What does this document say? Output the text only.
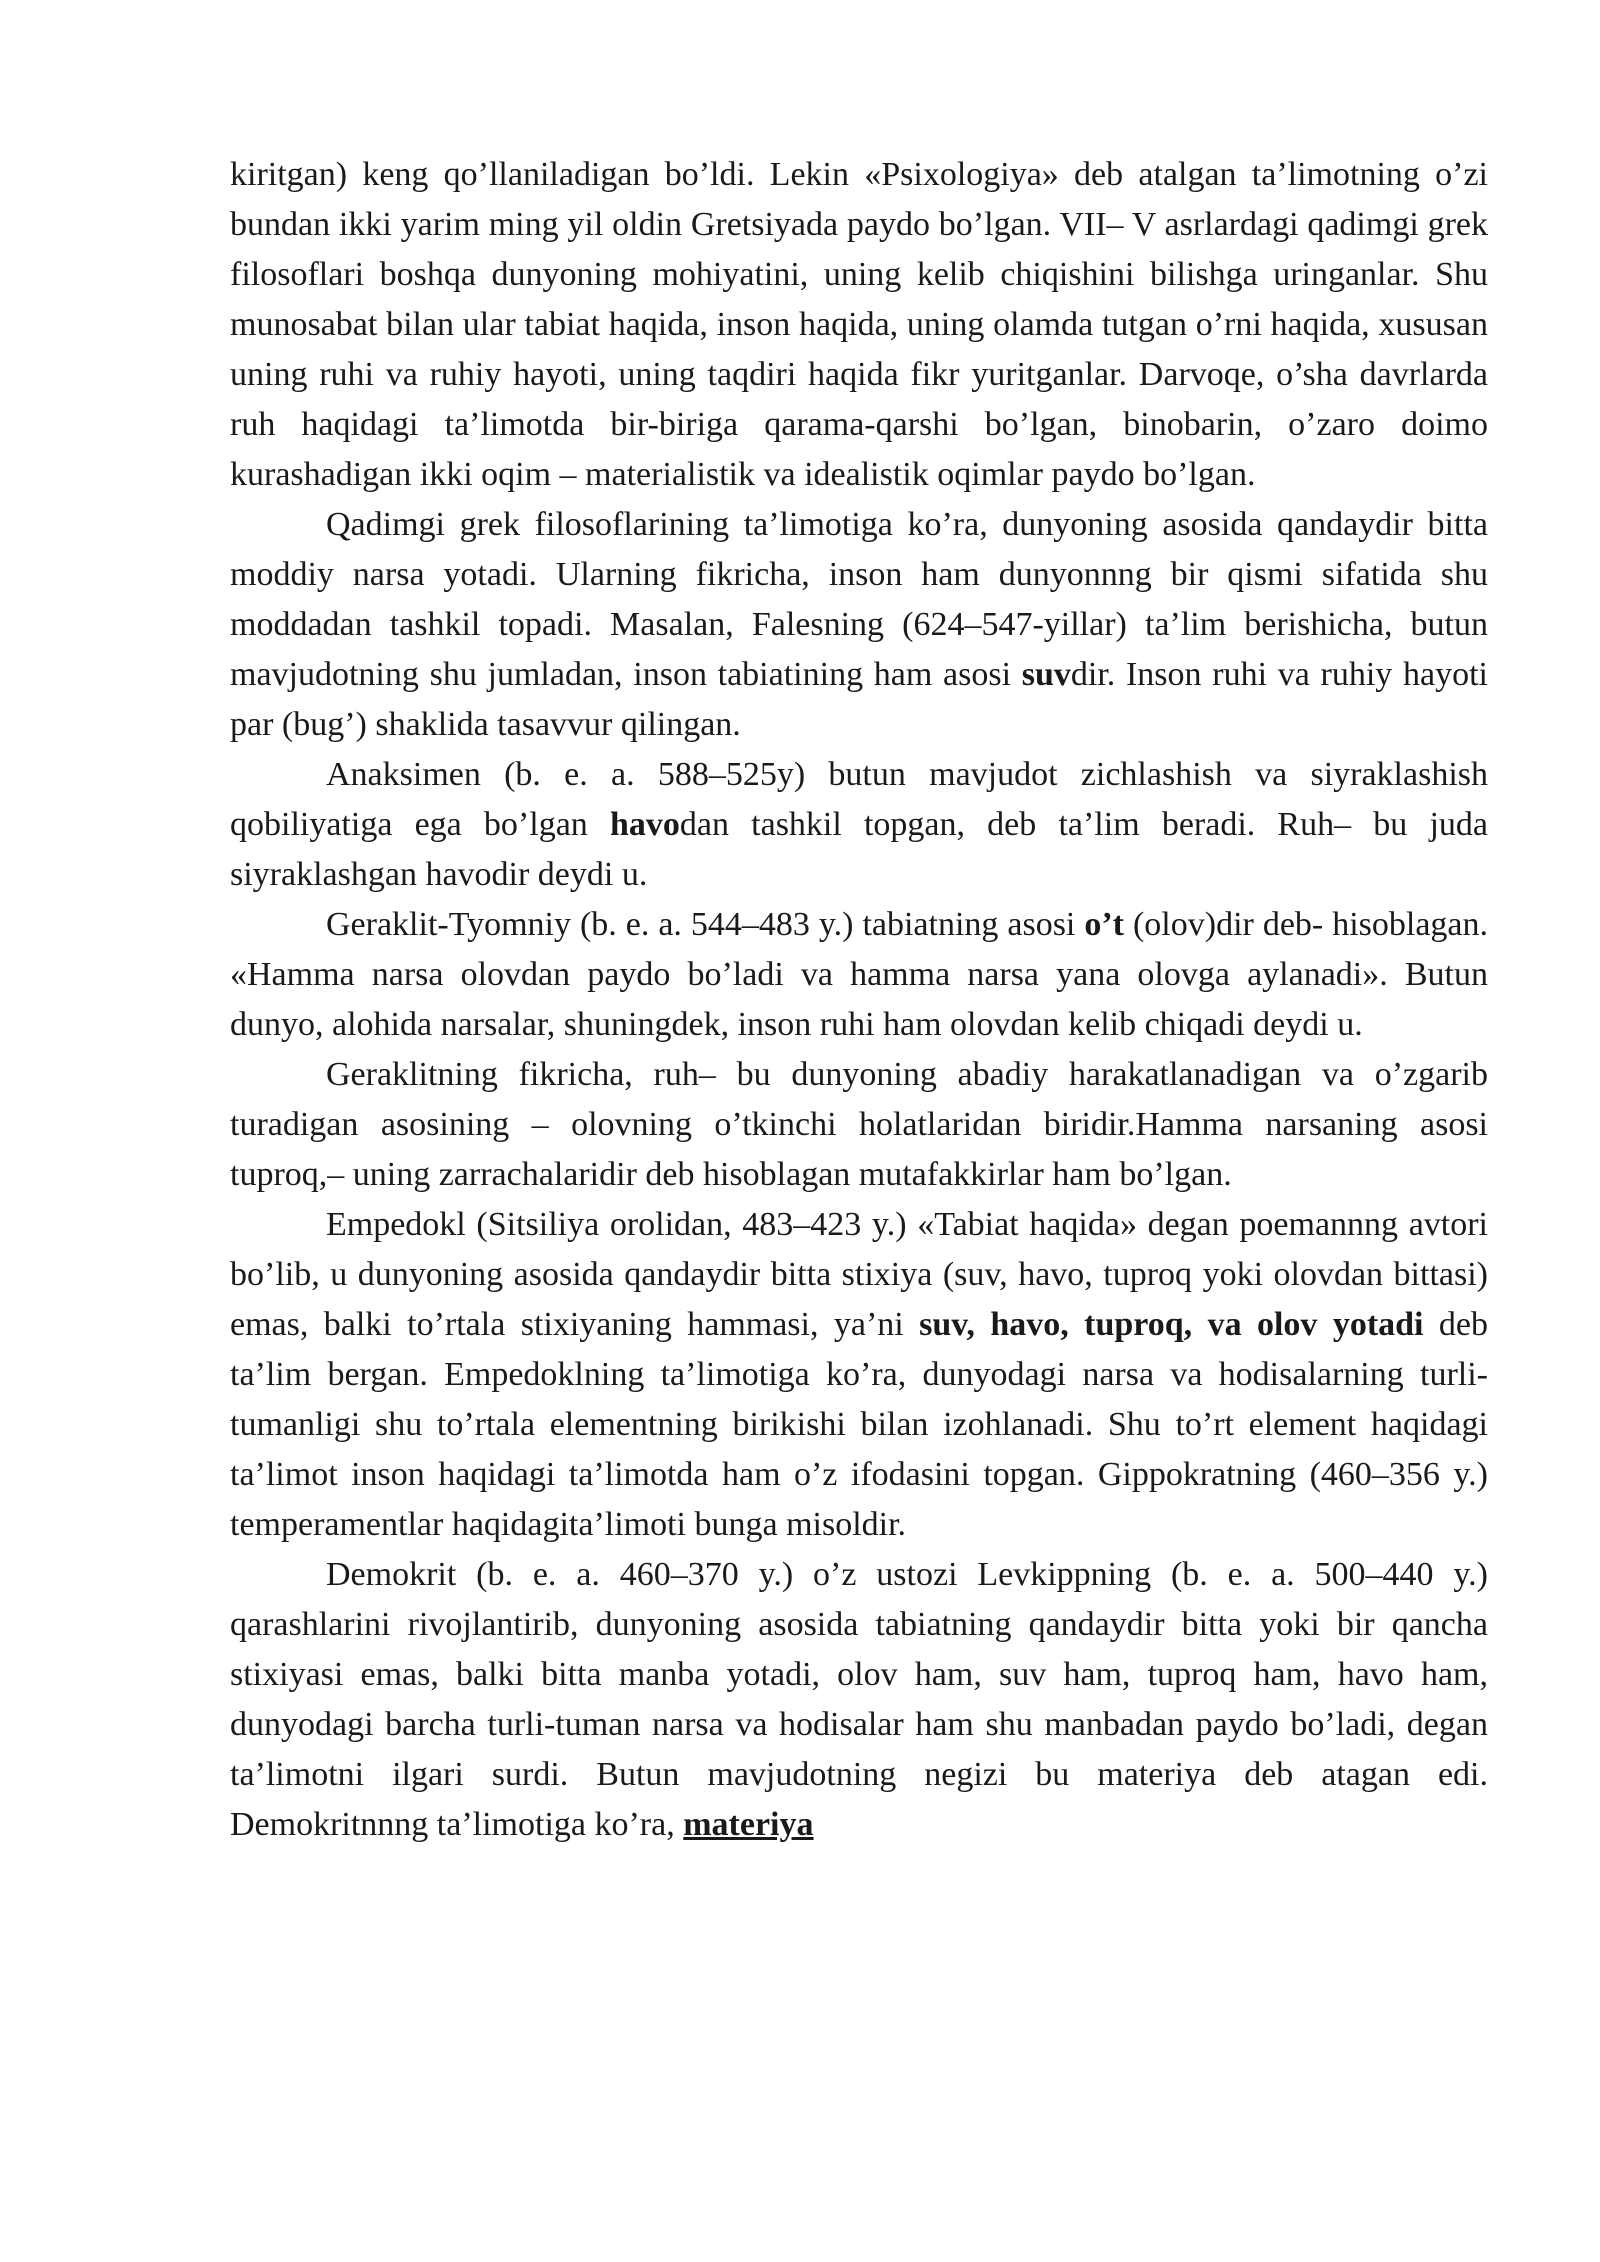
kiritgan) keng qo’llaniladigan bo’ldi. Lekin «Psixologiya» deb atalgan ta’limotning o’zi bundan ikki yarim ming yil oldin Gretsiyada paydo bo’lgan. VII– V asrlardagi qadimgi grek filosoflari boshqa dunyoning mohiyatini, uning kelib chiqishini bilishga uringanlar. Shu munosabat bilan ular tabiat haqida, inson haqida, uning olamda tutgan o’rni haqida, xususan uning ruhi va ruhiy hayoti, uning taqdiri haqida fikr yuritganlar. Darvoqe, o’sha davrlarda ruh haqidagi ta’limotda bir-biriga qarama-qarshi bo’lgan, binobarin, o’zaro doimo kurashadigan ikki oqim – materialistik va idealistik oqimlar paydo bo’lgan.

Qadimgi grek filosoflarining ta’limotiga ko’ra, dunyoning asosida qandaydir bitta moddiy narsa yotadi. Ularning fikricha, inson ham dunyonnng bir qismi sifatida shu moddadan tashkil topadi. Masalan, Falesning (624–547-yillar) ta’lim berishicha, butun mavjudotning shu jumladan, inson tabiatining ham asosi suvdir. Inson ruhi va ruhiy hayoti par (bug’) shaklida tasavvur qilingan.

Anaksimen (b. e. a. 588–525y) butun mavjudot zichlashish va siyraklashish qobiliyatiga ega bo’lgan havodan tashkil topgan, deb ta’lim beradi. Ruh– bu juda siyraklashgan havodir deydi u.

Geraklit-Tyomniy (b. e. a. 544–483 y.) tabiatning asosi o’t (olov)dir deb- hisoblagan. «Hamma narsa olovdan paydo bo’ladi va hamma narsa yana olovga aylanadi». Butun dunyo, alohida narsalar, shuningdek, inson ruhi ham olovdan kelib chiqadi deydi u.

Geraklitning fikricha, ruh– bu dunyoning abadiy harakatlanadigan va o’zgarib turadigan asosining – olovning o’tkinchi holatlaridan biridir.Hamma narsaning asosi tuproq,– uning zarrachalaridir deb hisoblagan mutafakkirlar ham bo’lgan.

Empedokl (Sitsiliya orolidan, 483–423 y.) «Tabiat haqida» degan poemannng avtori bo’lib, u dunyoning asosida qandaydir bitta stixiya (suv, havo, tuproq yoki olovdan bittasi) emas, balki to’rtala stixiyaning hammasi, ya’ni suv, havo, tuproq, va olov yotadi deb ta’lim bergan. Empedoklning ta’limotiga ko’ra, dunyodagi narsa va hodisalarning turli-tumanligi shu to’rtala elementning birikishi bilan izohlanadi. Shu to’rt element haqidagi ta’limot inson haqidagi ta’limotda ham o’z ifodasini topgan. Gippokratning (460–356 y.) temperamentlar haqidagita’limoti bunga misoldir.

Demokrit (b. e. a. 460–370 y.) o’z ustozi Levkippning (b. e. a. 500–440 y.) qarashlarini rivojlantirib, dunyoning asosida tabiatning qandaydir bitta yoki bir qancha stixiyasi emas, balki bitta manba yotadi, olov ham, suv ham, tuproq ham, havo ham, dunyodagi barcha turli-tuman narsa va hodisalar ham shu manbadan paydo bo’ladi, degan ta’limotni ilgari surdi. Butun mavjudotning negizi bu materiya deb atagan edi. Demokritnnng ta’limotiga ko’ra, materiya
